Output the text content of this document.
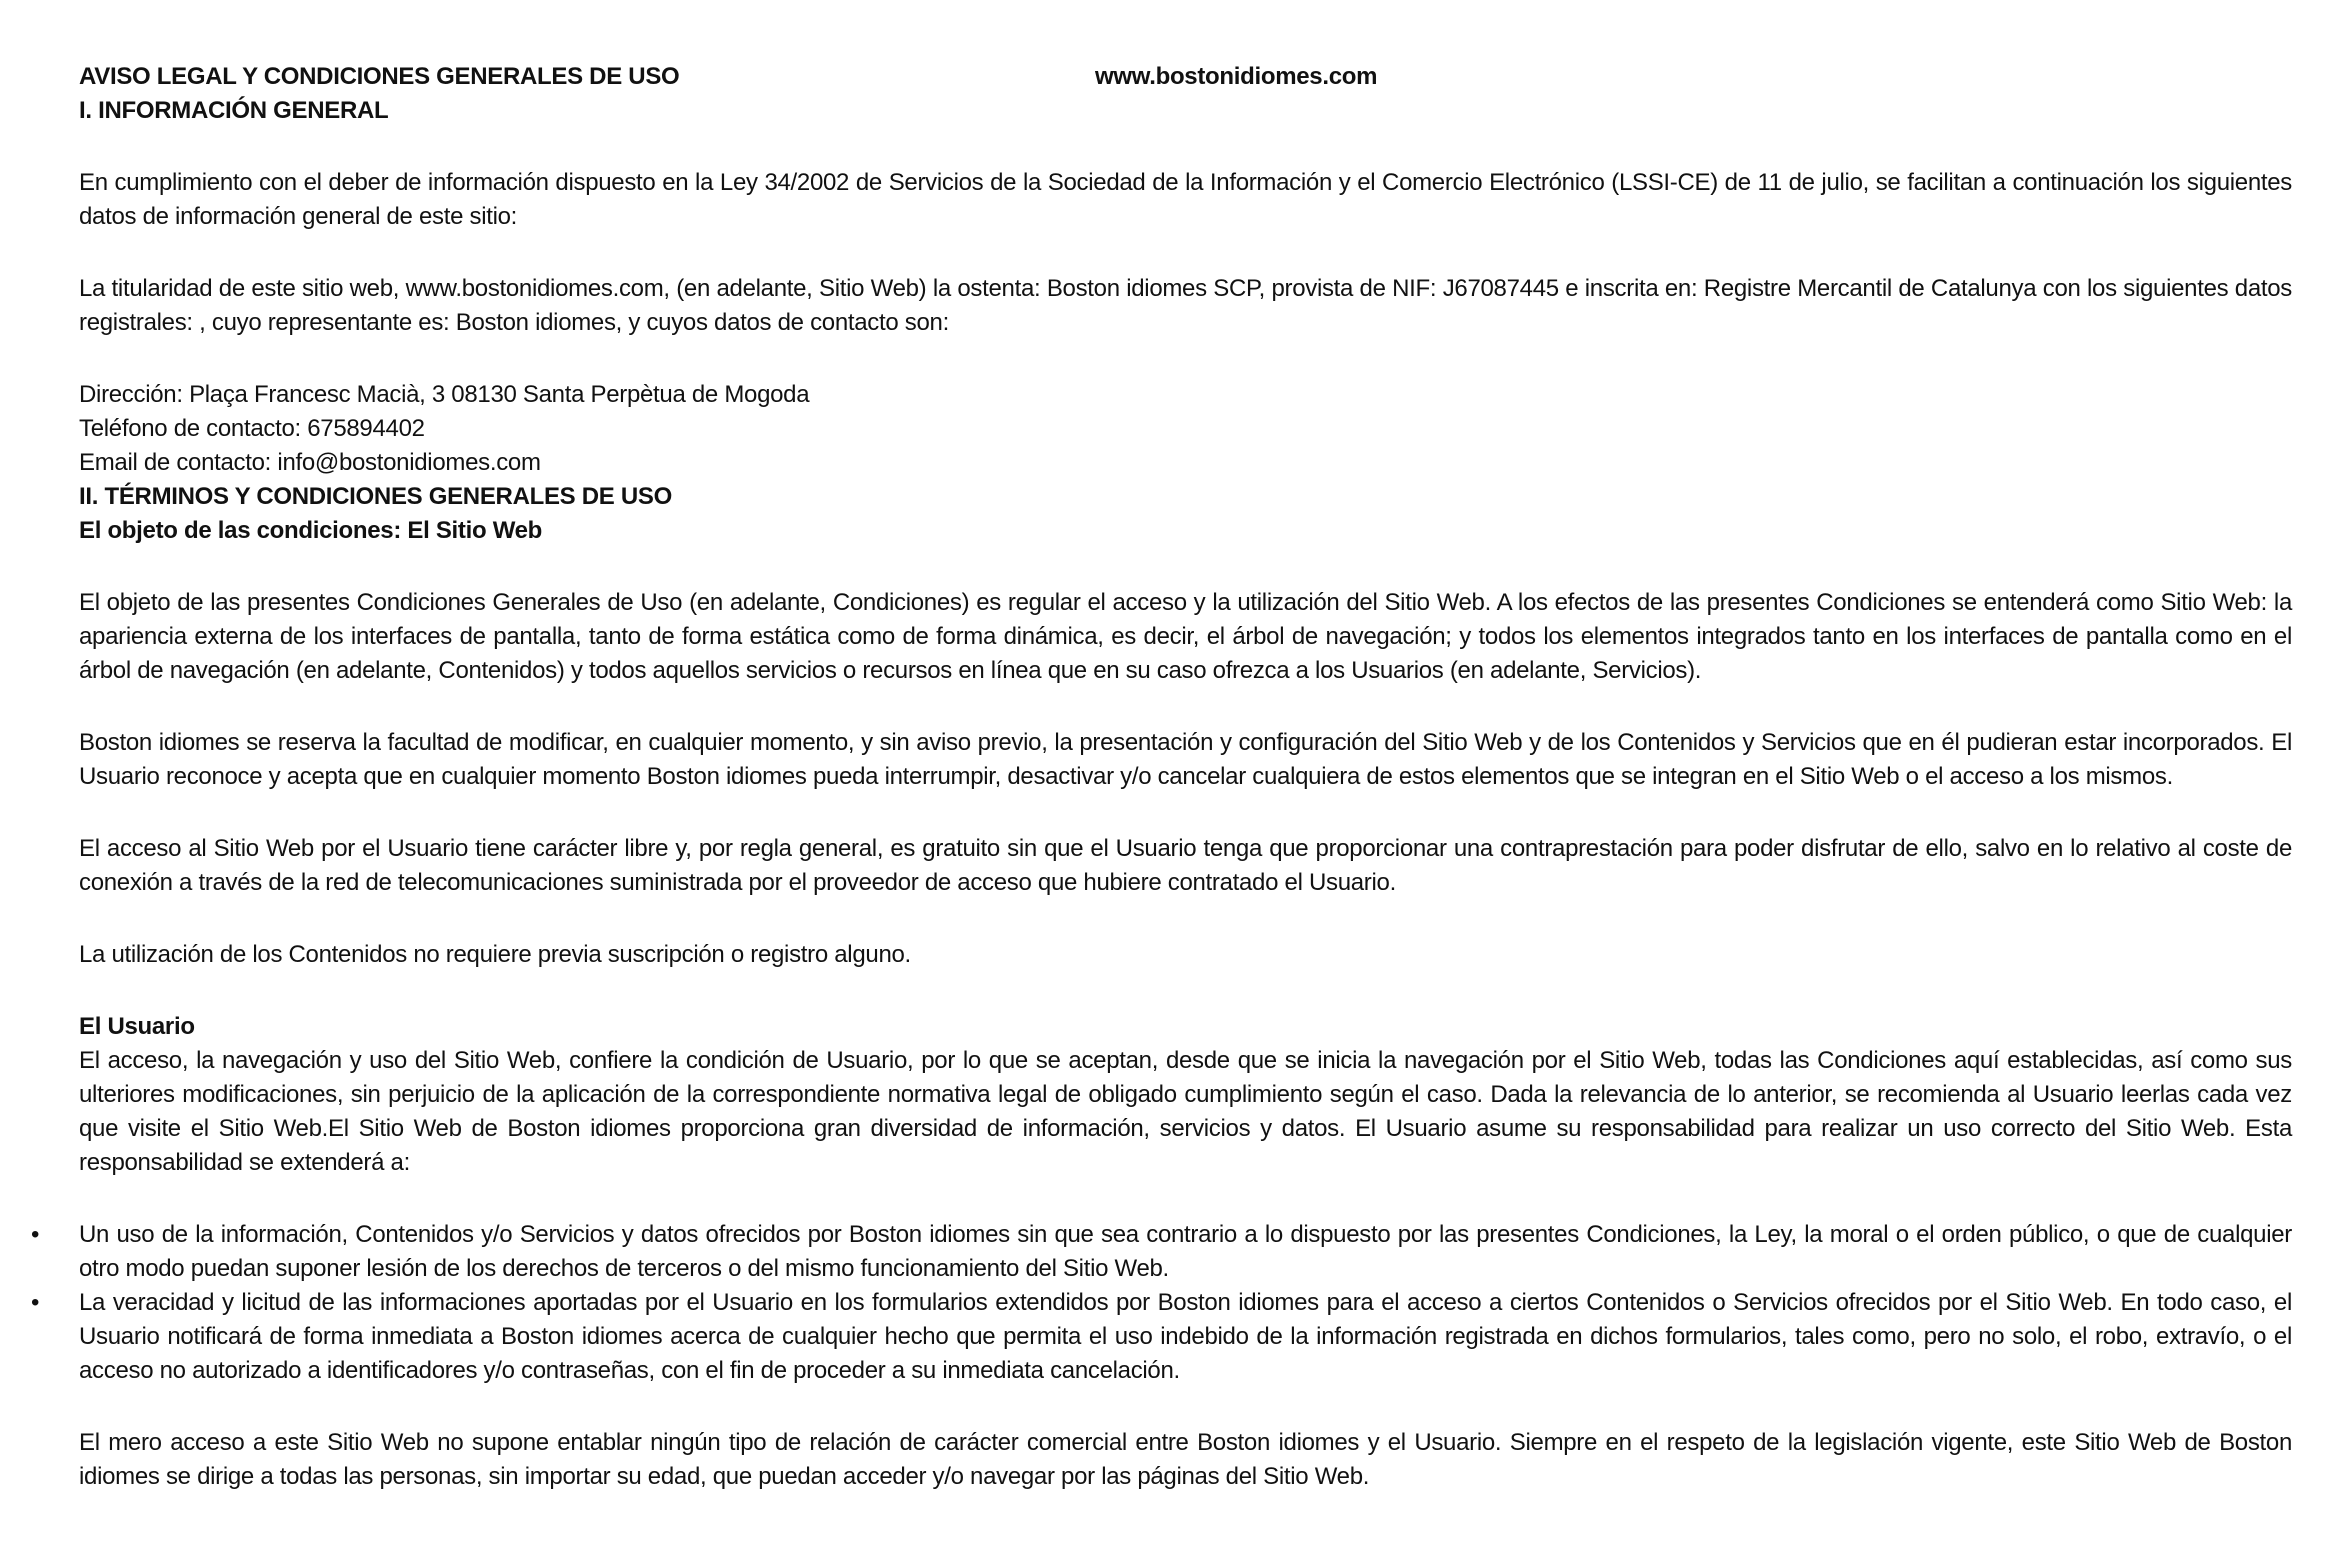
AVISO LEGAL Y CONDICIONES GENERALES DE USO	www.bostonidiomes.com
I. INFORMACIÓN GENERAL

En cumplimiento con el deber de información dispuesto en la Ley 34/2002 de Servicios de la Sociedad de la Información y el Comercio Electrónico (LSSI-CE) de 11 de julio, se facilitan a continuación los siguientes datos de información general de este sitio:

La titularidad de este sitio web, www.bostonidiomes.com, (en adelante, Sitio Web) la ostenta: Boston idiomes SCP, provista de NIF: J67087445 e inscrita en: Registre Mercantil de Catalunya con los siguientes datos registrales: , cuyo representante es: Boston idiomes, y cuyos datos de contacto son:

Dirección: Plaça Francesc Macià, 3 08130 Santa Perpètua de Mogoda
Teléfono de contacto: 675894402
Email de contacto: info@bostonidiomes.com
II. TÉRMINOS Y CONDICIONES GENERALES DE USO
El objeto de las condiciones: El Sitio Web

El objeto de las presentes Condiciones Generales de Uso (en adelante, Condiciones) es regular el acceso y la utilización del Sitio Web. A los efectos de las presentes Condiciones se entenderá como Sitio Web: la apariencia externa de los interfaces de pantalla, tanto de forma estática como de forma dinámica, es decir, el árbol de navegación; y todos los elementos integrados tanto en los interfaces de pantalla como en el árbol de navegación (en adelante, Contenidos) y todos aquellos servicios o recursos en línea que en su caso ofrezca a los Usuarios (en adelante, Servicios).

Boston idiomes se reserva la facultad de modificar, en cualquier momento, y sin aviso previo, la presentación y configuración del Sitio Web y de los Contenidos y Servicios que en él pudieran estar incorporados. El Usuario reconoce y acepta que en cualquier momento Boston idiomes pueda interrumpir, desactivar y/o cancelar cualquiera de estos elementos que se integran en el Sitio Web o el acceso a los mismos.

El acceso al Sitio Web por el Usuario tiene carácter libre y, por regla general, es gratuito sin que el Usuario tenga que proporcionar una contraprestación para poder disfrutar de ello, salvo en lo relativo al coste de conexión a través de la red de telecomunicaciones suministrada por el proveedor de acceso que hubiere contratado el Usuario.

La utilización de los Contenidos no requiere previa suscripción o registro alguno.

El Usuario

El acceso, la navegación y uso del Sitio Web, confiere la condición de Usuario, por lo que se aceptan, desde que se inicia la navegación por el Sitio Web, todas las Condiciones aquí establecidas, así como sus ulteriores modificaciones, sin perjuicio de la aplicación de la correspondiente normativa legal de obligado cumplimiento según el caso. Dada la relevancia de lo anterior, se recomienda al Usuario leerlas cada vez que visite el Sitio Web.El Sitio Web de Boston idiomes proporciona gran diversidad de información, servicios y datos. El Usuario asume su responsabilidad para realizar un uso correcto del Sitio Web. Esta responsabilidad se extenderá a:

• Un uso de la información, Contenidos y/o Servicios y datos ofrecidos por Boston idiomes sin que sea contrario a lo dispuesto por las presentes Condiciones, la Ley, la moral o el orden público, o que de cualquier otro modo puedan suponer lesión de los derechos de terceros o del mismo funcionamiento del Sitio Web.
• La veracidad y licitud de las informaciones aportadas por el Usuario en los formularios extendidos por Boston idiomes para el acceso a ciertos Contenidos o Servicios ofrecidos por el Sitio Web. En todo caso, el Usuario notificará de forma inmediata a Boston idiomes acerca de cualquier hecho que permita el uso indebido de la información registrada en dichos formularios, tales como, pero no solo, el robo, extravío, o el acceso no autorizado a identificadores y/o contraseñas, con el fin de proceder a su inmediata cancelación.

El mero acceso a este Sitio Web no supone entablar ningún tipo de relación de carácter comercial entre Boston idiomes y el Usuario. Siempre en el respeto de la legislación vigente, este Sitio Web de Boston idiomes se dirige a todas las personas, sin importar su edad, que puedan acceder y/o navegar por las páginas del Sitio Web.
